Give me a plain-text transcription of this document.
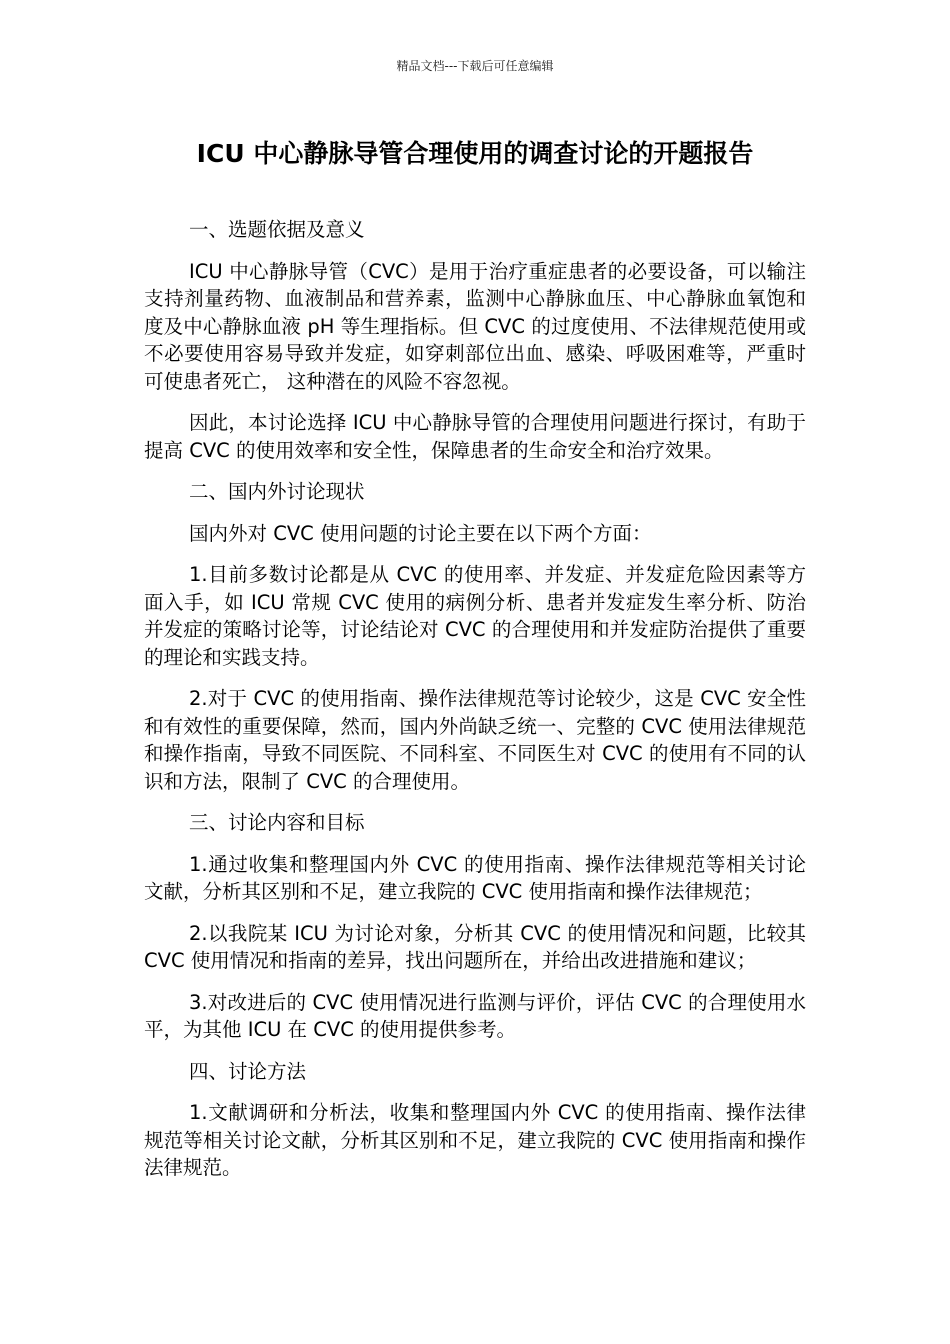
精品文档---下载后可任意编辑
ICU 中心静脉导管合理使用的调查讨论的开题报告

一、选题依据及意义

ICU 中心静脉导管（CVC）是用于治疗重症患者的必要设备，可以输注支持剂量药物、血液制品和营养素，监测中心静脉血压、中心静脉血氧饱和度及中心静脉血液 pH 等生理指标。但 CVC 的过度使用、不法律规范使用或不必要使用容易导致并发症，如穿刺部位出血、感染、呼吸困难等，严重时可使患者死亡， 这种潜在的风险不容忽视。

因此，本讨论选择 ICU 中心静脉导管的合理使用问题进行探讨，有助于提高 CVC 的使用效率和安全性，保障患者的生命安全和治疗效果。

二、国内外讨论现状

国内外对 CVC 使用问题的讨论主要在以下两个方面：

1.目前多数讨论都是从 CVC 的使用率、并发症、并发症危险因素等方面入手，如 ICU 常规 CVC 使用的病例分析、患者并发症发生率分析、防治并发症的策略讨论等，讨论结论对 CVC 的合理使用和并发症防治提供了重要的理论和实践支持。

2.对于 CVC 的使用指南、操作法律规范等讨论较少，这是 CVC 安全性和有效性的重要保障，然而，国内外尚缺乏统一、完整的 CVC 使用法律规范和操作指南，导致不同医院、不同科室、不同医生对 CVC 的使用有不同的认识和方法，限制了 CVC 的合理使用。

三、讨论内容和目标

1.通过收集和整理国内外 CVC 的使用指南、操作法律规范等相关讨论文献，分析其区别和不足，建立我院的 CVC 使用指南和操作法律规范；

2.以我院某 ICU 为讨论对象，分析其 CVC 的使用情况和问题，比较其 CVC 使用情况和指南的差异，找出问题所在，并给出改进措施和建议；

3.对改进后的 CVC 使用情况进行监测与评价，评估 CVC 的合理使用水平，为其他 ICU 在 CVC 的使用提供参考。

四、讨论方法

1.文献调研和分析法，收集和整理国内外 CVC 的使用指南、操作法律规范等相关讨论文献，分析其区别和不足，建立我院的 CVC 使用指南和操作法律规范。
